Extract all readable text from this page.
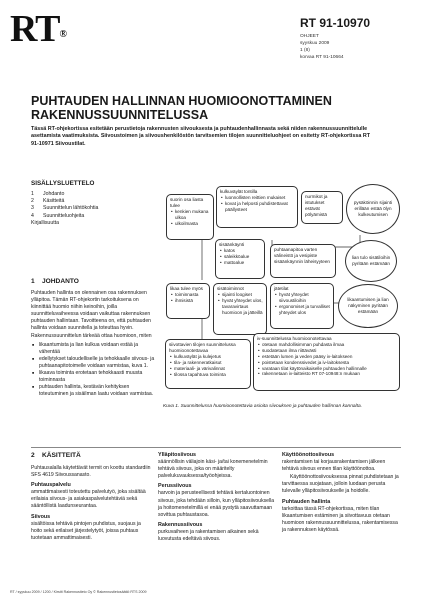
RT®
RT 91-10970
OHJEET
syyskuu 2009
1 (8)
korvaa RT 91-10664
PUHTAUDEN HALLINNAN HUOMIOONOTTAMINEN
RAKENNUSSUUNNITELUSSA
Tässä RT-ohjekortissa esitetään perustietoja rakennusten siivouksesta ja puhtaudenhallinnasta sekä niiden rakennussuunnittelulle asettamista vaatimuksista. Siivoustoimen ja siivoushenkilöstön tarvitsemien tilojen suunnitteluohjeet on esitetty RT-ohjekortissa RT 91-10971 Siivoustilat.
SISÄLLYSLUETTELO
1 Johdanto
2 Käsitteitä
3 Suunnittelun lähtökohtia
4 Suunnitteluohjeita
Kirjallisuutta
1    JOHDANTO
Puhtauden hallinta on olennainen osa rakennuksen ylläpitoa. Tämän RT-ohjekortin tarkoituksena on kiinnittää huomio niihin keinoihin, joilla suunnitteluvaiheessa voidaan vaikuttaa rakennuksen puhtauden hallintaan. Tavoitteena on, että puhtauden hallinta voidaan suunnitella ja toteuttaa hyvin. Rakennussuunnittelun tärkeää ottaa huomioon, miten
■ likaantumista ja lian kulkua voidaan estää ja vähentää
■ edellytykset taloudelliselle ja tehokkaalle siivous- ja puhtaanapitotoimelle voidaan varmistaa, kuva 1.
■ likaava toiminta erotetaan tehokkaasti muusta toiminnasta
■ puhtauden hallinta, kestävän kehityksen toteutuminen ja sisäilman laatu voidaan varmistaa.
suorin osa liasta tulee
• kenkien mukana ulkoa
• ulkoilmasta
kulkuväylät tontilla
• luonnollisten reittien mukaiset
• kovat ja helposti puhdistettavat päällysteet
nurmikot ja istutukset estävät pölyämistä
pysäköinnin sijainti erillään estää ölyn kulkeutumisen
sisäänkäynti
• katos
• säleikköalue
• mattoalue
puhtaanapitoa varten välineistö ja vesipiste sisäänkäynnin läheisyyteen
lian tulo sisätiloihin pyritään estämään
likaa tulee myös
• toiminnasta
• ihmisistä
sisätoiminnot
• sijainti loogiset
• hyvät yhteydet ulos, tavaravirtaus huomioon ja jätteillä
jätetilat
• hyvät yhteydet siivoustiloihin
• ergonomiset ja turvalliset yhteydet ulos
likaantumisen ja lian näkyminen pyritään estämään
siivottavien tilojen suunnittelussa huomioonotettavaa
• kulkuväylät ja kulejetus
• tila- ja rakenneratkaisut
• materiaali- ja värivalinnat
• tilossa tapahtuva toiminta
iv-suunnittelussa huomioonotettavaa
• otetaan mahdollisimman puhdasta ilmaa
• suodatetaan ilma riittävästi
• estetään lumen ja veden pääsy iv-laitokseen
• poistetaan kondenssivedet ja iv-laitoksesta
• varataan tilat käytönaikaiselle puhtauden hallinnalle
• rakennetaan iv-laitteisto RT 07-10948:n mukaan
Kuva 1. Suunnittelussa huomioonotettavia asioita siivouksen ja puhtauden hallinnan kannalta.
2    KÄSITTEITÄ
Puhtausalalla käytettävät termit on koottu standardiin SFS 4619 Siivoussanasto.
Puhtauspalvelu
ammattimaisesti toteutettu palvelutyö, joka sisältää erilaisia siivous- ja asiakaspalvelutehtäviä sekä sääntöllistä laadunseurantaa.
Siivous
sisältöissa tehtävä pintojen puhdistus, suojaus ja hoito sekä erilaiset järjestelytyöt, joissa puhtaus tuotetaan ammattimaisesti.
Ylläpitosiivous
säännöllisin väliajoin käsi- ja/tai konemenetelmin tehtävä siivous, joka on määritelty palvelukuvauksessa/työohjeissa.
Perussiivous
harvoin ja perusteellisesti tehtävä kertaluontoinen siivous, joka tehdään silloin, kun ylläpitosiivouksella ja hoitomenetelmillä ei enää pystytä saavuttamaan sovittua puhtaustasoa.
Rakennussiivous
purkuvaiheen ja rakentamisen aikainen sekä luovutusta edeltävä siivous.
Käyttöönottosiivous
rakentamisen tai korjausrakentamisen jälkeen tehtävä siivous ennen tilan käyttöönottoa.
Käyttöönottosiivouksessa pinnat puhdistetaan ja tarvittaessa suojataan, jolloin luodaan perusta tulevalle ylläpitosiivoukselle ja hoidolle.
Puhtauden hallinta
tarkoittaa tässä RT-ohjekortissa, miten tilan likaantumisen estäminen ja siivottavuus otetaan huomioon rakennussuunnittelussa, rakentamisessa ja rakennuksen käytössä.
RT / syyskuu 2009 / 1200 / Kirstit Rakennustieto Oy © Rakennustietosäätiö RTS 2009
